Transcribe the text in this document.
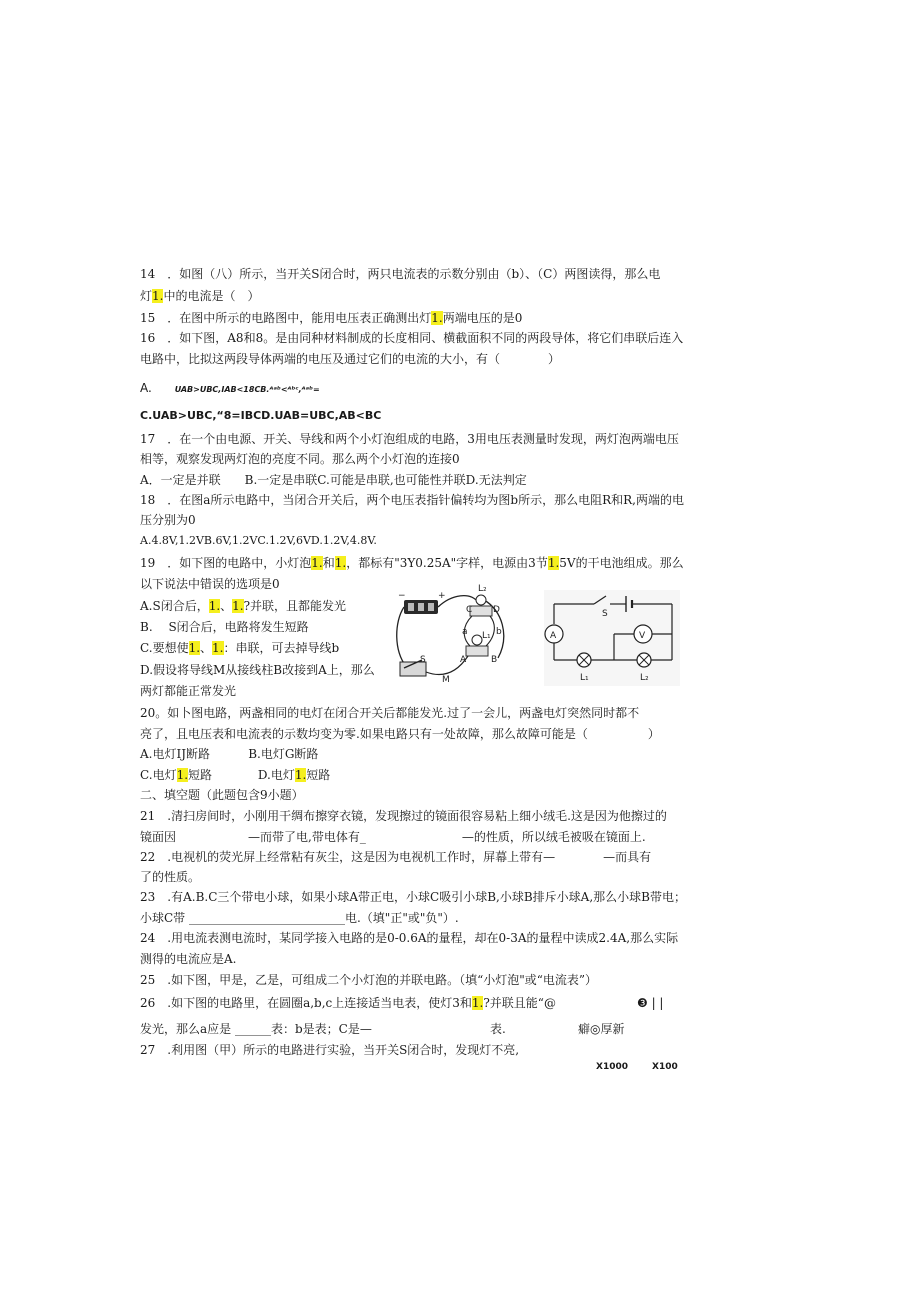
14　．如图（八）所示，当开关S闭合时，两只电流表的示数分别由（b）、（C）两图读得，那么电
灯1.中的电流是（　）
15　．在图中所示的电路图中，能用电压表正确测出灯1.两端电压的是0
16　．如下图，A8和8。是由同种材料制成的长度相同、横截面积不同的两段导体，将它们串联后连入
电路中，比拟这两段导体两端的电压及通过它们的电流的大小，有（　　　　）
A.	UAB>UBC,IAB<18CB.ᴬᵃᵇ<ᴬᵇᶜ,ᴬᵃᵇ=
C.UAB>UBC,“8=IBCD.UAB=UBC,AB<BC
17　．在一个由电源、开关、导线和两个小灯泡组成的电路，3用电压表测量时发现，两灯泡两端电压
相等，观察发现两灯泡的亮度不同。那么两个小灯泡的连接0
A．一定是并联　　B.一定是串联C.可能是串联,也可能性并联D.无法判定
18　．在图a所示电路中，当闭合开关后，两个电压表指针偏转均为图b所示，那么电阻R和R,两端的电
压分别为0
A.4.8V,1.2VB.6V,1.2VC.1.2V,6VD.1.2V,4.8V.
19　．如下图的电路中，小灯泡1.和1.，都标有"3Y0.25A"字样，电源由3节1.5V的干电池组成。那么
以下说法中错误的选项是0
A.S闭合后，1.、1.?并联，且都能发光
B.　 S闭合后，电路将发生短路
C.要想使1.、1.：串联，可去掉导线b
D.假设将导线M从接线柱B改接到A上，那么
两灯都能正常发光
−	+
L₂
C D
a	b
L₁
A	B
S
M
S
A	V
L₁	L₂
20。如卜图电路，两盏相同的电灯在闭合开关后都能发光.过了一会儿，两盏电灯突然同时都不
亮了，且电压表和电流表的示数均变为零.如果电路只有一处故障，那么故障可能是（　　　　　）
A.电灯IJ断路	B.电灯G断路
C.电灯1.短路	D.电灯1.短路
二、填空题（此题包含9小题）
21　.清扫房间时，小刚用干绸布擦穿衣镜，发现擦过的镜面很容易粘上细小绒毛.这是因为他擦过的
镜面因　　　　　　—而带了电,带电体有_　　　　　　　　—的性质，所以绒毛被吸在镜面上.
22　.电视机的荧光屏上经常粘有灰尘，这是因为电视机工作时，屏幕上带有—　　　　—而具有
了的性质。
23　.有A.B.C三个带电小球，如果小球A带正电，小球C吸引小球B,小球B排斥小球A,那么小球B带电；
小球C带 __________________________电.（填"正"或"负"）.
24　.用电流表测电流时，某同学接入电路的是0-0.6A的量程，却在0-3A的量程中读成2.4A,那么实际
测得的电流应是A.
25　.如下图，甲是，乙是，可组成二个小灯泡的并联电路。（填“小灯泡"或“电流表”）
26　.如下图的电路里，在圆圈a,b,c上连接适当电表，使灯3和1.?并联且能“@	❸ | |
发光，那么a应是 ______表：b是表；C是—	表.	癖◎厚新
27　.利用图（甲）所示的电路进行实验，当开关S闭合时，发现灯不亮,
X1000	X100
